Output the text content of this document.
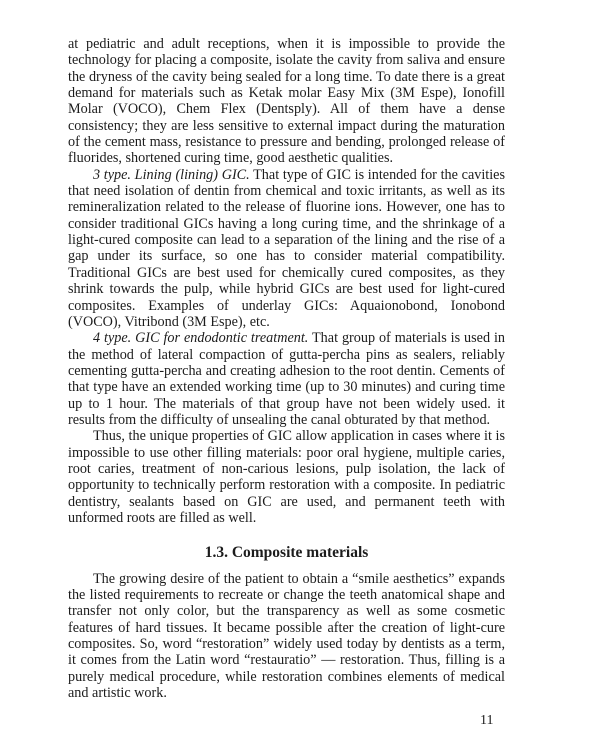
at pediatric and adult receptions, when it is impossible to provide the technology for placing a composite, isolate the cavity from saliva and ensure the dryness of the cavity being sealed for a long time. To date there is a great demand for materials such as Ketak molar Easy Mix (3M Espe), Ionofill Molar (VOCO), Chem Flex (Dentsply). All of them have a dense consistency; they are less sensitive to external impact during the maturation of the cement mass, resistance to pressure and bending, prolonged release of fluorides, shortened curing time, good aesthetic qualities.

3 type. Lining (lining) GIC. That type of GIC is intended for the cavities that need isolation of dentin from chemical and toxic irritants, as well as its remineralization related to the release of fluorine ions. However, one has to consider traditional GICs having a long curing time, and the shrinkage of a light-cured composite can lead to a separation of the lining and the rise of a gap under its surface, so one has to consider material compatibility. Traditional GICs are best used for chemically cured composites, as they shrink towards the pulp, while hybrid GICs are best used for light-cured composites. Examples of underlay GICs: Aquaionobond, Ionobond (VOCO), Vitribond (3M Espe), etc.

4 type. GIC for endodontic treatment. That group of materials is used in the method of lateral compaction of gutta-percha pins as sealers, reliably cementing gutta-percha and creating adhesion to the root dentin. Cements of that type have an extended working time (up to 30 minutes) and curing time up to 1 hour. The materials of that group have not been widely used. it results from the difficulty of unsealing the canal obturated by that method.

Thus, the unique properties of GIC allow application in cases where it is impossible to use other filling materials: poor oral hygiene, multiple caries, root caries, treatment of non-carious lesions, pulp isolation, the lack of opportunity to technically perform restoration with a composite. In pediatric dentistry, sealants based on GIC are used, and permanent teeth with unformed roots are filled as well.

1.3. Composite materials

The growing desire of the patient to obtain a “smile aesthetics” expands the listed requirements to recreate or change the teeth anatomical shape and transfer not only color, but the transparency as well as some cosmetic features of hard tissues. It became possible after the creation of light-cure composites. So, word “restoration” widely used today by dentists as a term, it comes from the Latin word “restauratio” — restoration. Thus, filling is a purely medical procedure, while restoration combines elements of medical and artistic work.

11
